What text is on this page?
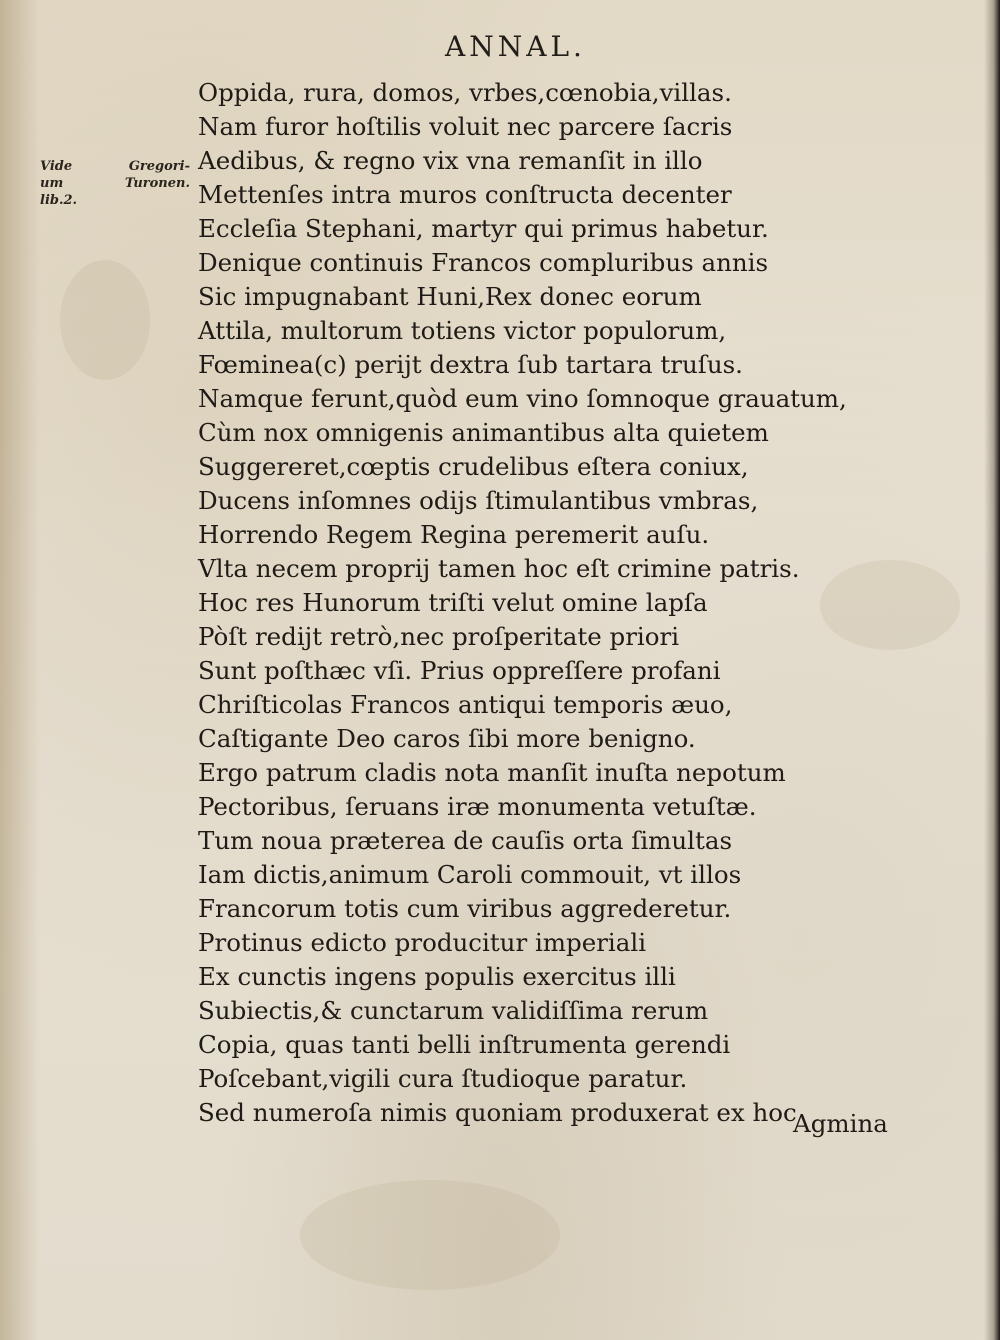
ANNAL.
Vide Gregori-
um Turonen.
lib.2.
Oppida, rura, domos, vrbes,cœnobia,villas.
Nam furor hoſtilis voluit nec parcere ſacris
Aedibus, & regno vix vna remanſit in illo
Mettenſes intra muros conſtructa decenter
Eccleſia Stephani, martyr qui primus habetur.
Denique continuis Francos compluribus annis
Sic impugnabant Huni,Rex donec eorum
Attila, multorum totiens victor populorum,
Fœminea(c) perijt dextra ſub tartara truſus.
Namque ferunt,quòd eum vino ſomnoque grauatum,
Cùm nox omnigenis animantibus alta quietem
Suggereret,cœptis crudelibus eſtera coniux,
Ducens inſomnes odijs ſtimulantibus vmbras,
Horrendo Regem Regina peremerit auſu.
Vlta necem proprij tamen hoc eſt crimine patris.
Hoc res Hunorum triſti velut omine lapſa
Pòſt redijt retrò,nec proſperitate priori
Sunt poſthæc vſi. Prius oppreſſere profani
Chriſticolas Francos antiqui temporis æuo,
Caſtigante Deo caros ſibi more benigno.
Ergo patrum cladis nota manſit inuſta nepotum
Pectoribus, ſeruans iræ monumenta vetuſtæ.
Tum noua præterea de cauſis orta ſimultas
Iam dictis,animum Caroli commouit, vt illos
Francorum totis cum viribus aggrederetur.
Protinus edicto producitur imperiali
Ex cunctis ingens populis exercitus illi
Subiectis,& cunctarum validiſſima rerum
Copia, quas tanti belli inſtrumenta gerendi
Poſcebant,vigili cura ſtudioque paratur.
Sed numeroſa nimis quoniam produxerat ex hoc
Agmina
